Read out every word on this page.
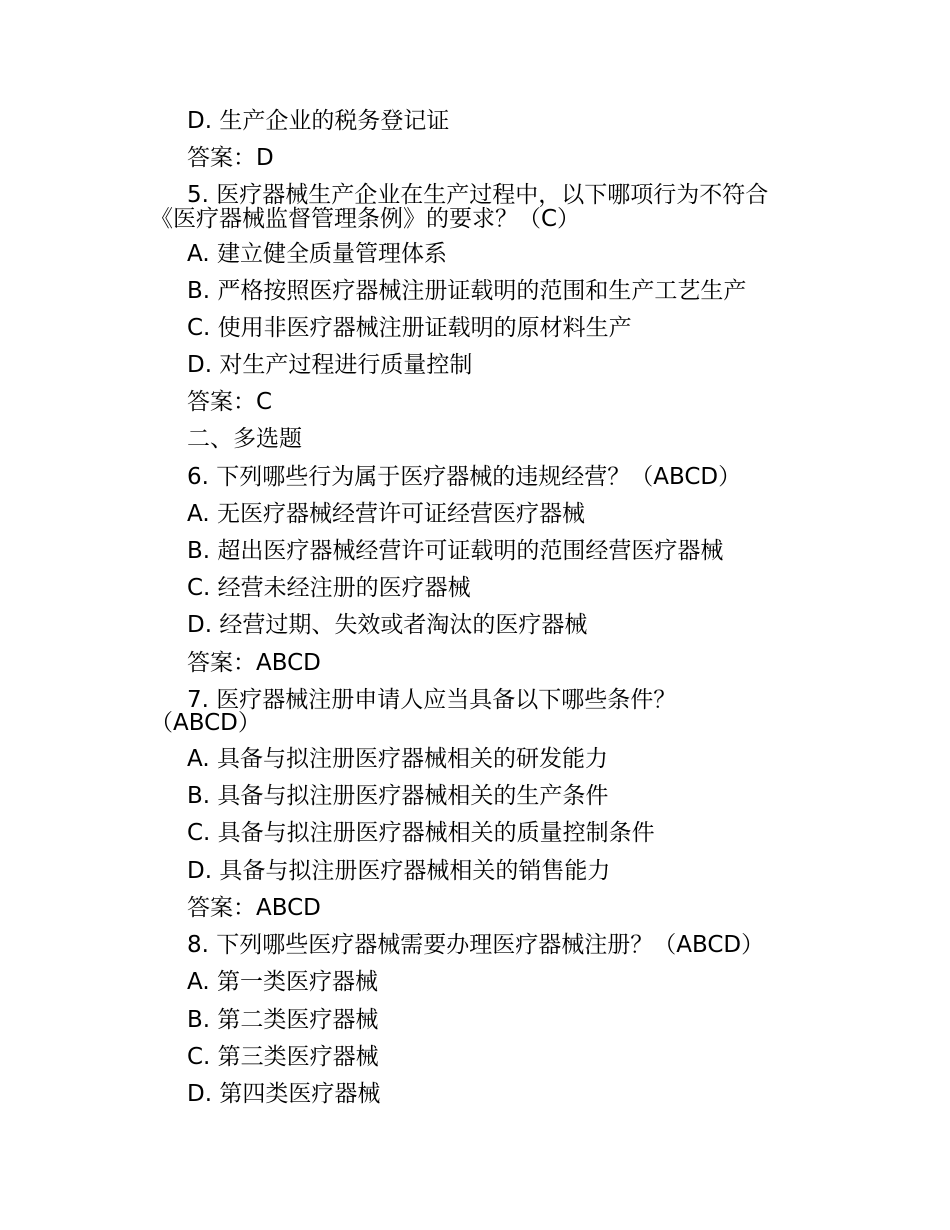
D. 生产企业的税务登记证
答案：D
5. 医疗器械生产企业在生产过程中，以下哪项行为不符合
《医疗器械监督管理条例》的要求？（C）
A. 建立健全质量管理体系
B. 严格按照医疗器械注册证载明的范围和生产工艺生产
C. 使用非医疗器械注册证载明的原材料生产
D. 对生产过程进行质量控制
答案：C
二、多选题
6. 下列哪些行为属于医疗器械的违规经营？（ABCD）
A. 无医疗器械经营许可证经营医疗器械
B. 超出医疗器械经营许可证载明的范围经营医疗器械
C. 经营未经注册的医疗器械
D. 经营过期、失效或者淘汰的医疗器械
答案：ABCD
7. 医疗器械注册申请人应当具备以下哪些条件？
（ABCD）
A. 具备与拟注册医疗器械相关的研发能力
B. 具备与拟注册医疗器械相关的生产条件
C. 具备与拟注册医疗器械相关的质量控制条件
D. 具备与拟注册医疗器械相关的销售能力
答案：ABCD
8. 下列哪些医疗器械需要办理医疗器械注册？（ABCD）
A. 第一类医疗器械
B. 第二类医疗器械
C. 第三类医疗器械
D. 第四类医疗器械
